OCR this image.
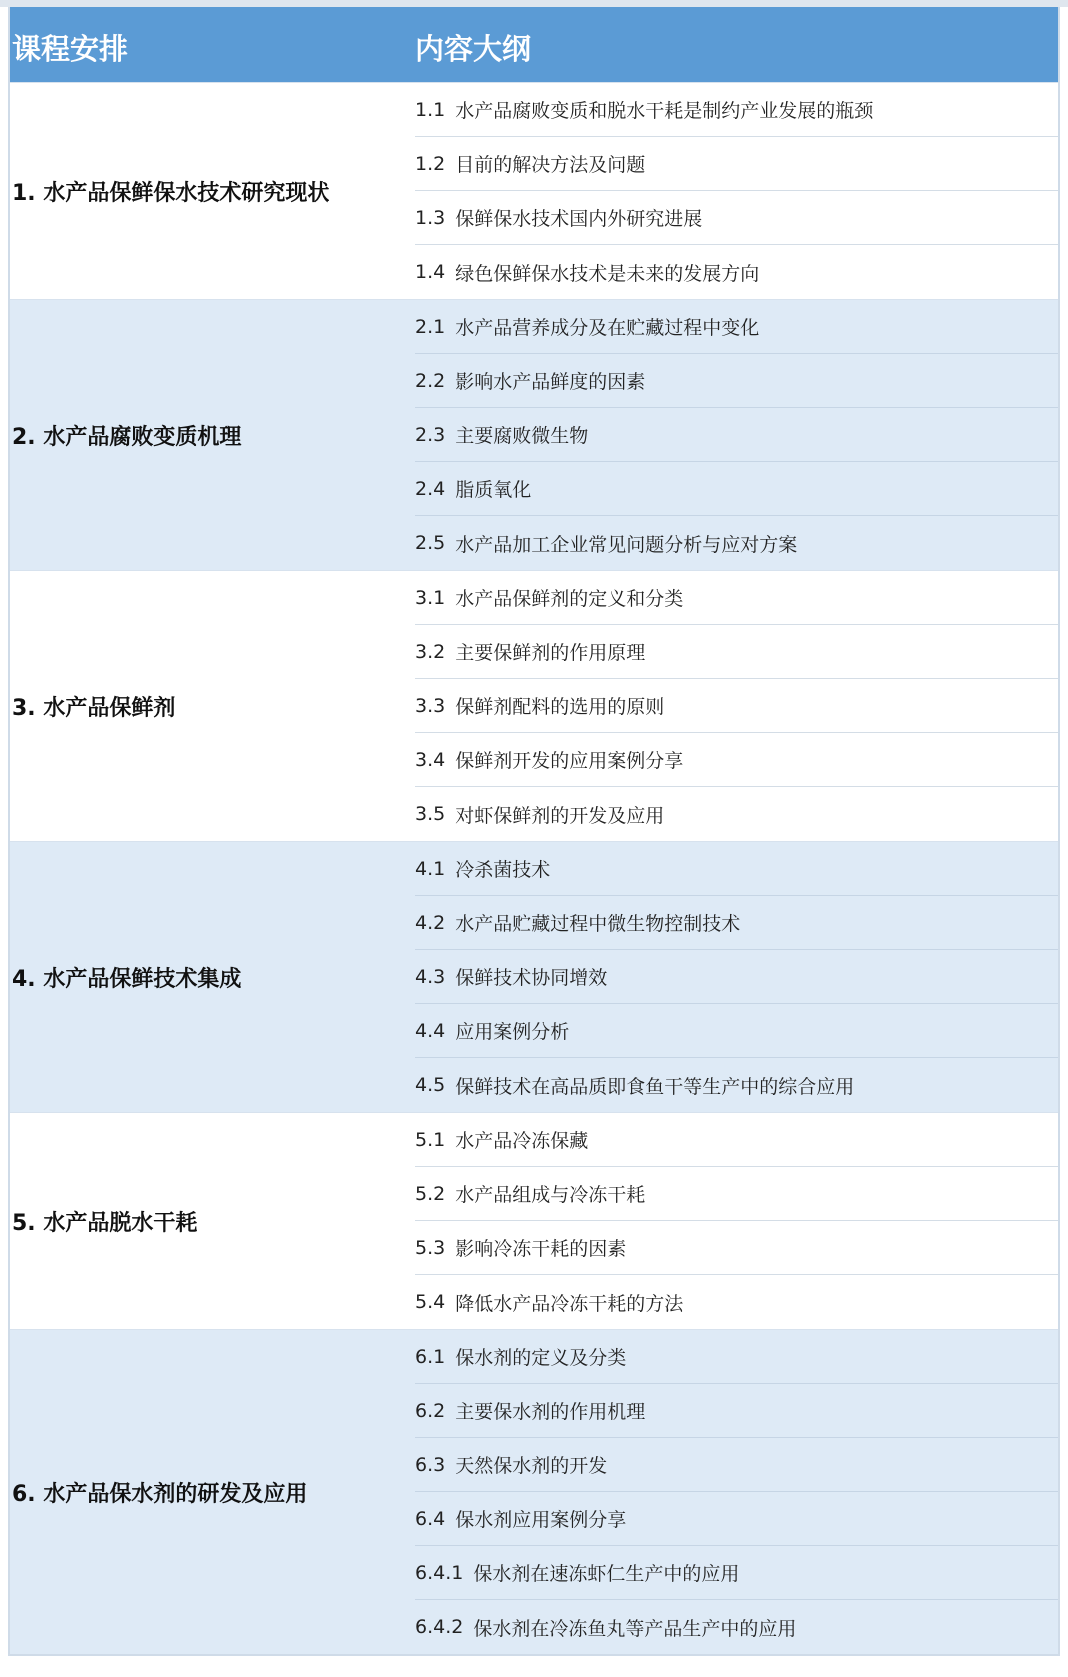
课程安排	内容大纲
1. 水产品保鲜保水技术研究现状
1.1 水产品腐败变质和脱水干耗是制约产业发展的瓶颈
1.2 目前的解决方法及问题
1.3 保鲜保水技术国内外研究进展
1.4 绿色保鲜保水技术是未来的发展方向
2. 水产品腐败变质机理
2.1 水产品营养成分及在贮藏过程中变化
2.2 影响水产品鲜度的因素
2.3 主要腐败微生物
2.4 脂质氧化
2.5 水产品加工企业常见问题分析与应对方案
3. 水产品保鲜剂
3.1 水产品保鲜剂的定义和分类
3.2 主要保鲜剂的作用原理
3.3 保鲜剂配料的选用的原则
3.4 保鲜剂开发的应用案例分享
3.5 对虾保鲜剂的开发及应用
4. 水产品保鲜技术集成
4.1 冷杀菌技术
4.2 水产品贮藏过程中微生物控制技术
4.3 保鲜技术协同增效
4.4 应用案例分析
4.5 保鲜技术在高品质即食鱼干等生产中的综合应用
5. 水产品脱水干耗
5.1 水产品冷冻保藏
5.2 水产品组成与冷冻干耗
5.3 影响冷冻干耗的因素
5.4 降低水产品冷冻干耗的方法
6. 水产品保水剂的研发及应用
6.1 保水剂的定义及分类
6.2 主要保水剂的作用机理
6.3 天然保水剂的开发
6.4 保水剂应用案例分享
6.4.1 保水剂在速冻虾仁生产中的应用
6.4.2 保水剂在冷冻鱼丸等产品生产中的应用
